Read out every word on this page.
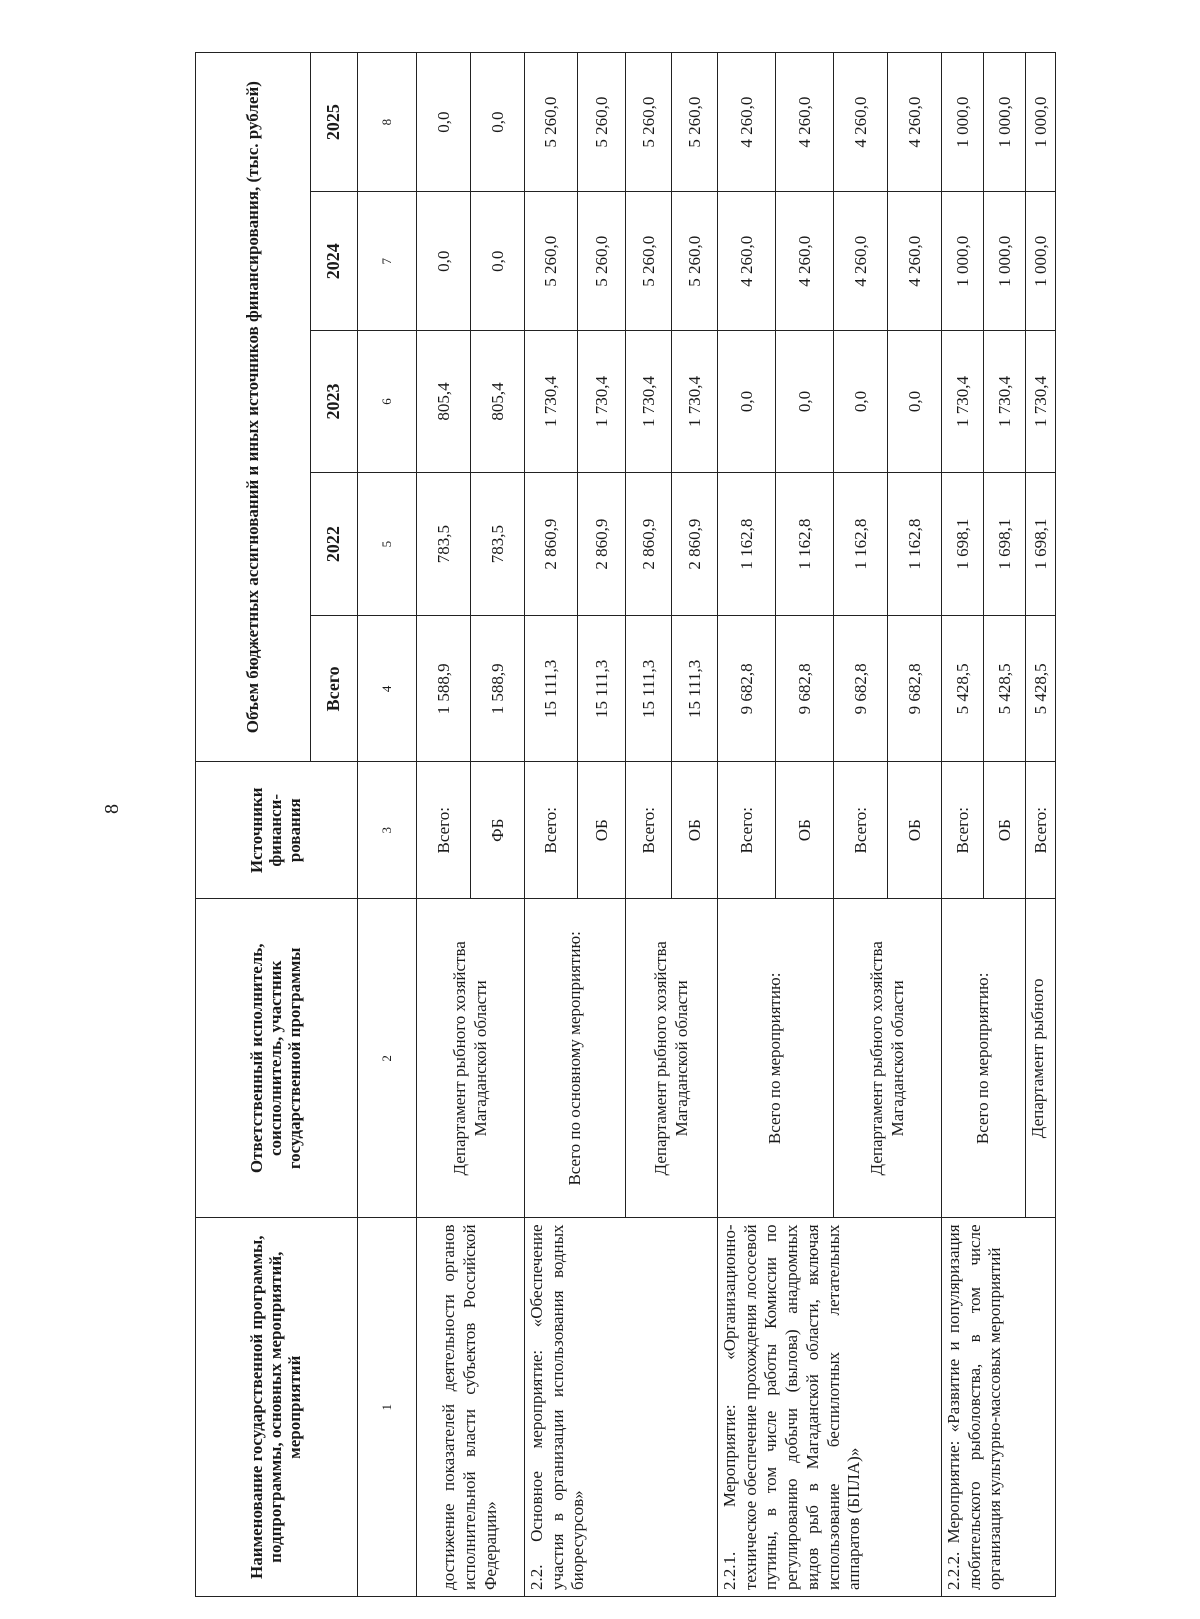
8
Наименование государственной программы, подпрограммы, основных мероприятий, мероприятий	Ответственный исполнитель, соисполнитель, участник государственной программы	Источники финанси-рования	Объем бюджетных ассигнований и иных источников финансирования, (тыс. рублей)				
			Всего	2022	2023	2024	2025
1	2	3	4	5	6	7	8
достижение показателей деятельности органов исполнительной власти субъектов Российской Федерации»	Департамент рыбного хозяйства Магаданской области	Всего:	1 588,9	783,5	805,4	0,0	0,0
		ФБ	1 588,9	783,5	805,4	0,0	0,0
2.2. Основное мероприятие: «Обеспечение участия в организации использования водных биоресурсов»	Всего по основному мероприятию:	Всего:	15 111,3	2 860,9	1 730,4	5 260,0	5 260,0
		ОБ	15 111,3	2 860,9	1 730,4	5 260,0	5 260,0
	Департамент рыбного хозяйства Магаданской области	Всего:	15 111,3	2 860,9	1 730,4	5 260,0	5 260,0
		ОБ	15 111,3	2 860,9	1 730,4	5 260,0	5 260,0
2.2.1. Мероприятие: «Организационно-техническое обеспечение прохождения лососевой путины, в том числе работы Комиссии по регулированию добычи (вылова) анадромных видов рыб в Магаданской области, включая использование беспилотных летательных аппаратов (БПЛА)»	Всего по мероприятию:	Всего:	9 682,8	1 162,8	0,0	4 260,0	4 260,0
		ОБ	9 682,8	1 162,8	0,0	4 260,0	4 260,0
	Департамент рыбного хозяйства Магаданской области	Всего:	9 682,8	1 162,8	0,0	4 260,0	4 260,0
		ОБ	9 682,8	1 162,8	0,0	4 260,0	4 260,0
2.2.2. Мероприятие: «Развитие и популяризация любительского рыболовства, в том числе организация культурно-массовых мероприятий	Всего по мероприятию:	Всего:	5 428,5	1 698,1	1 730,4	1 000,0	1 000,0
		ОБ	5 428,5	1 698,1	1 730,4	1 000,0	1 000,0
	Департамент рыбного	Всего:	5 428,5	1 698,1	1 730,4	1 000,0	1 000,0
